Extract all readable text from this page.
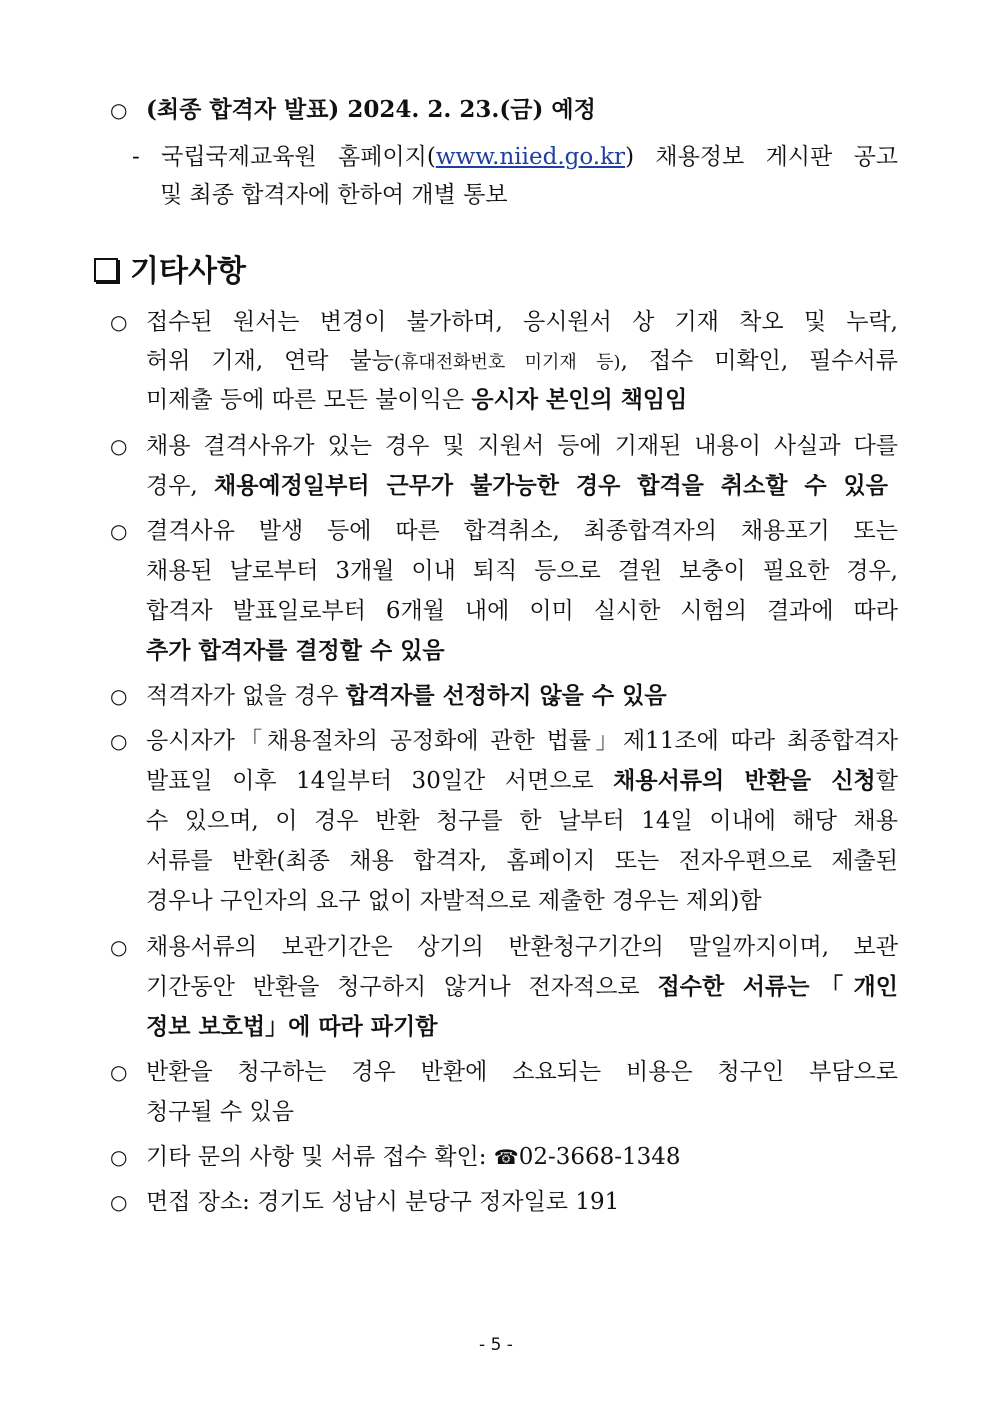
○ (최종 합격자 발표) 2024. 2. 23.(금) 예정
- 국립국제교육원 홈페이지(www.niied.go.kr) 채용정보 게시판 공고
및 최종 합격자에 한하여 개별 통보
기타사항
○ 접수된 원서는 변경이 불가하며, 응시원서 상 기재 착오 및 누락,
허위 기재, 연락 불능(휴대전화번호 미기재 등), 접수 미확인, 필수서류
미제출 등에 따른 모든 불이익은 응시자 본인의 책임임
○ 채용 결격사유가 있는 경우 및 지원서 등에 기재된 내용이 사실과 다를
경우, 채용예정일부터 근무가 불가능한 경우 합격을 취소할 수 있음
○ 결격사유 발생 등에 따른 합격취소, 최종합격자의 채용포기 또는
채용된 날로부터 3개월 이내 퇴직 등으로 결원 보충이 필요한 경우,
합격자 발표일로부터 6개월 내에 이미 실시한 시험의 결과에 따라
추가 합격자를 결정할 수 있음
○ 적격자가 없을 경우 합격자를 선정하지 않을 수 있음
○ 응시자가「채용절차의 공정화에 관한 법률」제11조에 따라 최종합격자
발표일 이후 14일부터 30일간 서면으로 채용서류의 반환을 신청할
수 있으며, 이 경우 반환 청구를 한 날부터 14일 이내에 해당 채용
서류를 반환(최종 채용 합격자, 홈페이지 또는 전자우편으로 제출된
경우나 구인자의 요구 없이 자발적으로 제출한 경우는 제외)함
○ 채용서류의 보관기간은 상기의 반환청구기간의 말일까지이며, 보관
기간동안 반환을 청구하지 않거나 전자적으로 접수한 서류는「개인
정보 보호법」에 따라 파기함
○ 반환을 청구하는 경우 반환에 소요되는 비용은 청구인 부담으로
청구될 수 있음
○ 기타 문의 사항 및 서류 접수 확인: ☎02-3668-1348
○ 면접 장소: 경기도 성남시 분당구 정자일로 191
- 5 -
